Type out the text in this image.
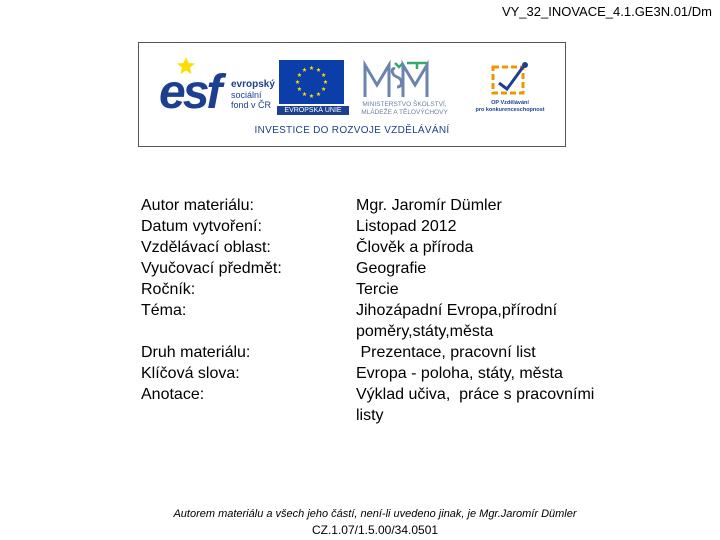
VY_32_INOVACE_4.1.GE3N.01/Dm
esf evropský
sociální
fond v ČR
EVROPSKÁ UNIE
MINISTERSTVO ŠKOLSTVÍ,
MLÁDEŽE A TĚLOVÝCHOVY
OP Vzdělávání
pro konkurenceschopnost
INVESTICE DO ROZVOJE VZDĚLÁVÁNÍ
Autor materiálu:	Mgr. Jaromír Dümler
Datum vytvoření:	Listopad 2012
Vzdělávací oblast:	Člověk a příroda
Vyučovací předmět:	Geografie
Ročník:	Tercie
Téma:	Jihozápadní Evropa,přírodní
poměry,státy,města
Druh materiálu:	Prezentace, pracovní list
Klíčová slova:	Evropa - poloha, státy, města
Anotace:	Výklad učiva,  práce s pracovními
listy
Autorem materiálu a všech jeho částí, není-li uvedeno jinak, je Mgr.Jaromír Dümler
CZ.1.07/1.5.00/34.0501
